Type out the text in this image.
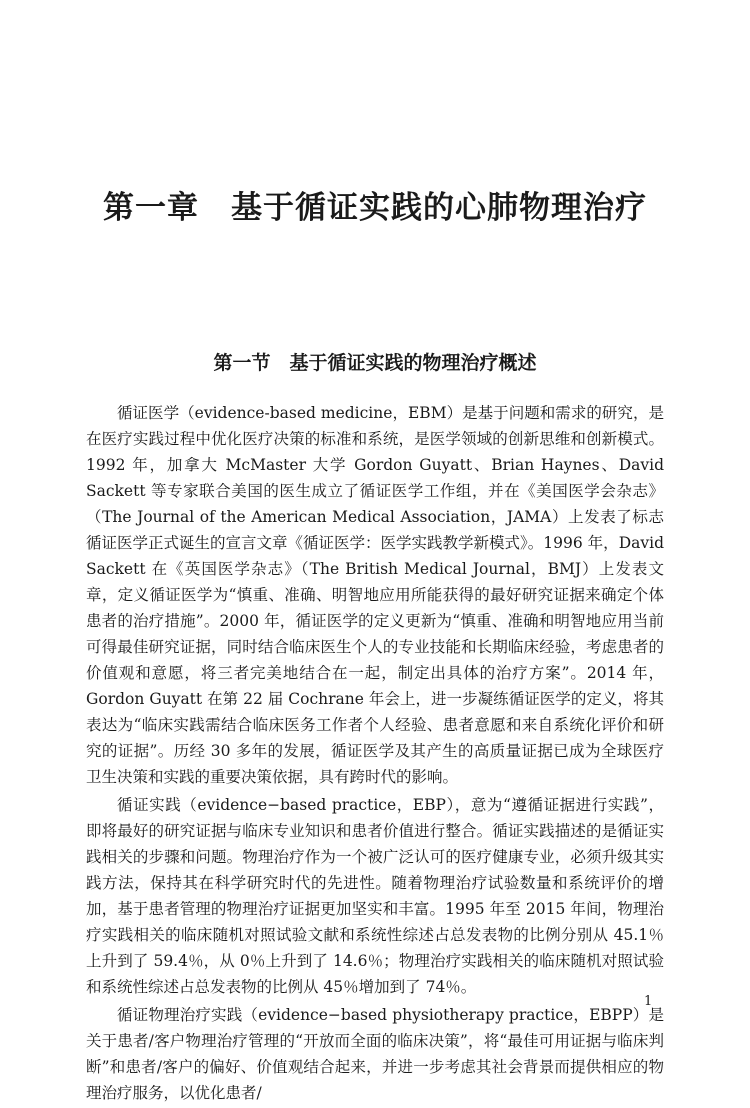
第一章　基于循证实践的心肺物理治疗
第一节　基于循证实践的物理治疗概述

循证医学（evidence-based medicine，EBM）是基于问题和需求的研究，是在医疗实践过程中优化医疗决策的标准和系统，是医学领域的创新思维和创新模式。1992 年，加拿大 McMaster 大学 Gordon Guyatt、Brian Haynes、David Sackett 等专家联合美国的医生成立了循证医学工作组，并在《美国医学会杂志》（The Journal of the American Medical Association，JAMA）上发表了标志循证医学正式诞生的宣言文章《循证医学：医学实践教学新模式》。1996 年，David Sackett 在《英国医学杂志》（The British Medical Journal，BMJ）上发表文章，定义循证医学为“慎重、准确、明智地应用所能获得的最好研究证据来确定个体患者的治疗措施”。2000 年，循证医学的定义更新为“慎重、准确和明智地应用当前可得最佳研究证据，同时结合临床医生个人的专业技能和长期临床经验，考虑患者的价值观和意愿，将三者完美地结合在一起，制定出具体的治疗方案”。2014 年，Gordon Guyatt 在第 22 届 Cochrane 年会上，进一步凝练循证医学的定义，将其表达为“临床实践需结合临床医务工作者个人经验、患者意愿和来自系统化评价和研究的证据”。历经 30 多年的发展，循证医学及其产生的高质量证据已成为全球医疗卫生决策和实践的重要决策依据，具有跨时代的影响。

循证实践（evidence−based practice，EBP），意为“遵循证据进行实践”，即将最好的研究证据与临床专业知识和患者价值进行整合。循证实践描述的是循证实践相关的步骤和问题。物理治疗作为一个被广泛认可的医疗健康专业，必须升级其实践方法，保持其在科学研究时代的先进性。随着物理治疗试验数量和系统评价的增加，基于患者管理的物理治疗证据更加坚实和丰富。1995 年至 2015 年间，物理治疗实践相关的临床随机对照试验文献和系统性综述占总发表物的比例分别从 45.1％上升到了 59.4％，从 0％上升到了 14.6％；物理治疗实践相关的临床随机对照试验和系统性综述占总发表物的比例从 45％增加到了 74％。

循证物理治疗实践（evidence−based physiotherapy practice，EBPP）是关于患者/客户物理治疗管理的“开放而全面的临床决策”，将“最佳可用证据与临床判断”和患者/客户的偏好、价值观结合起来，并进一步考虑其社会背景而提供相应的物理治疗服务，以优化患者/

1
